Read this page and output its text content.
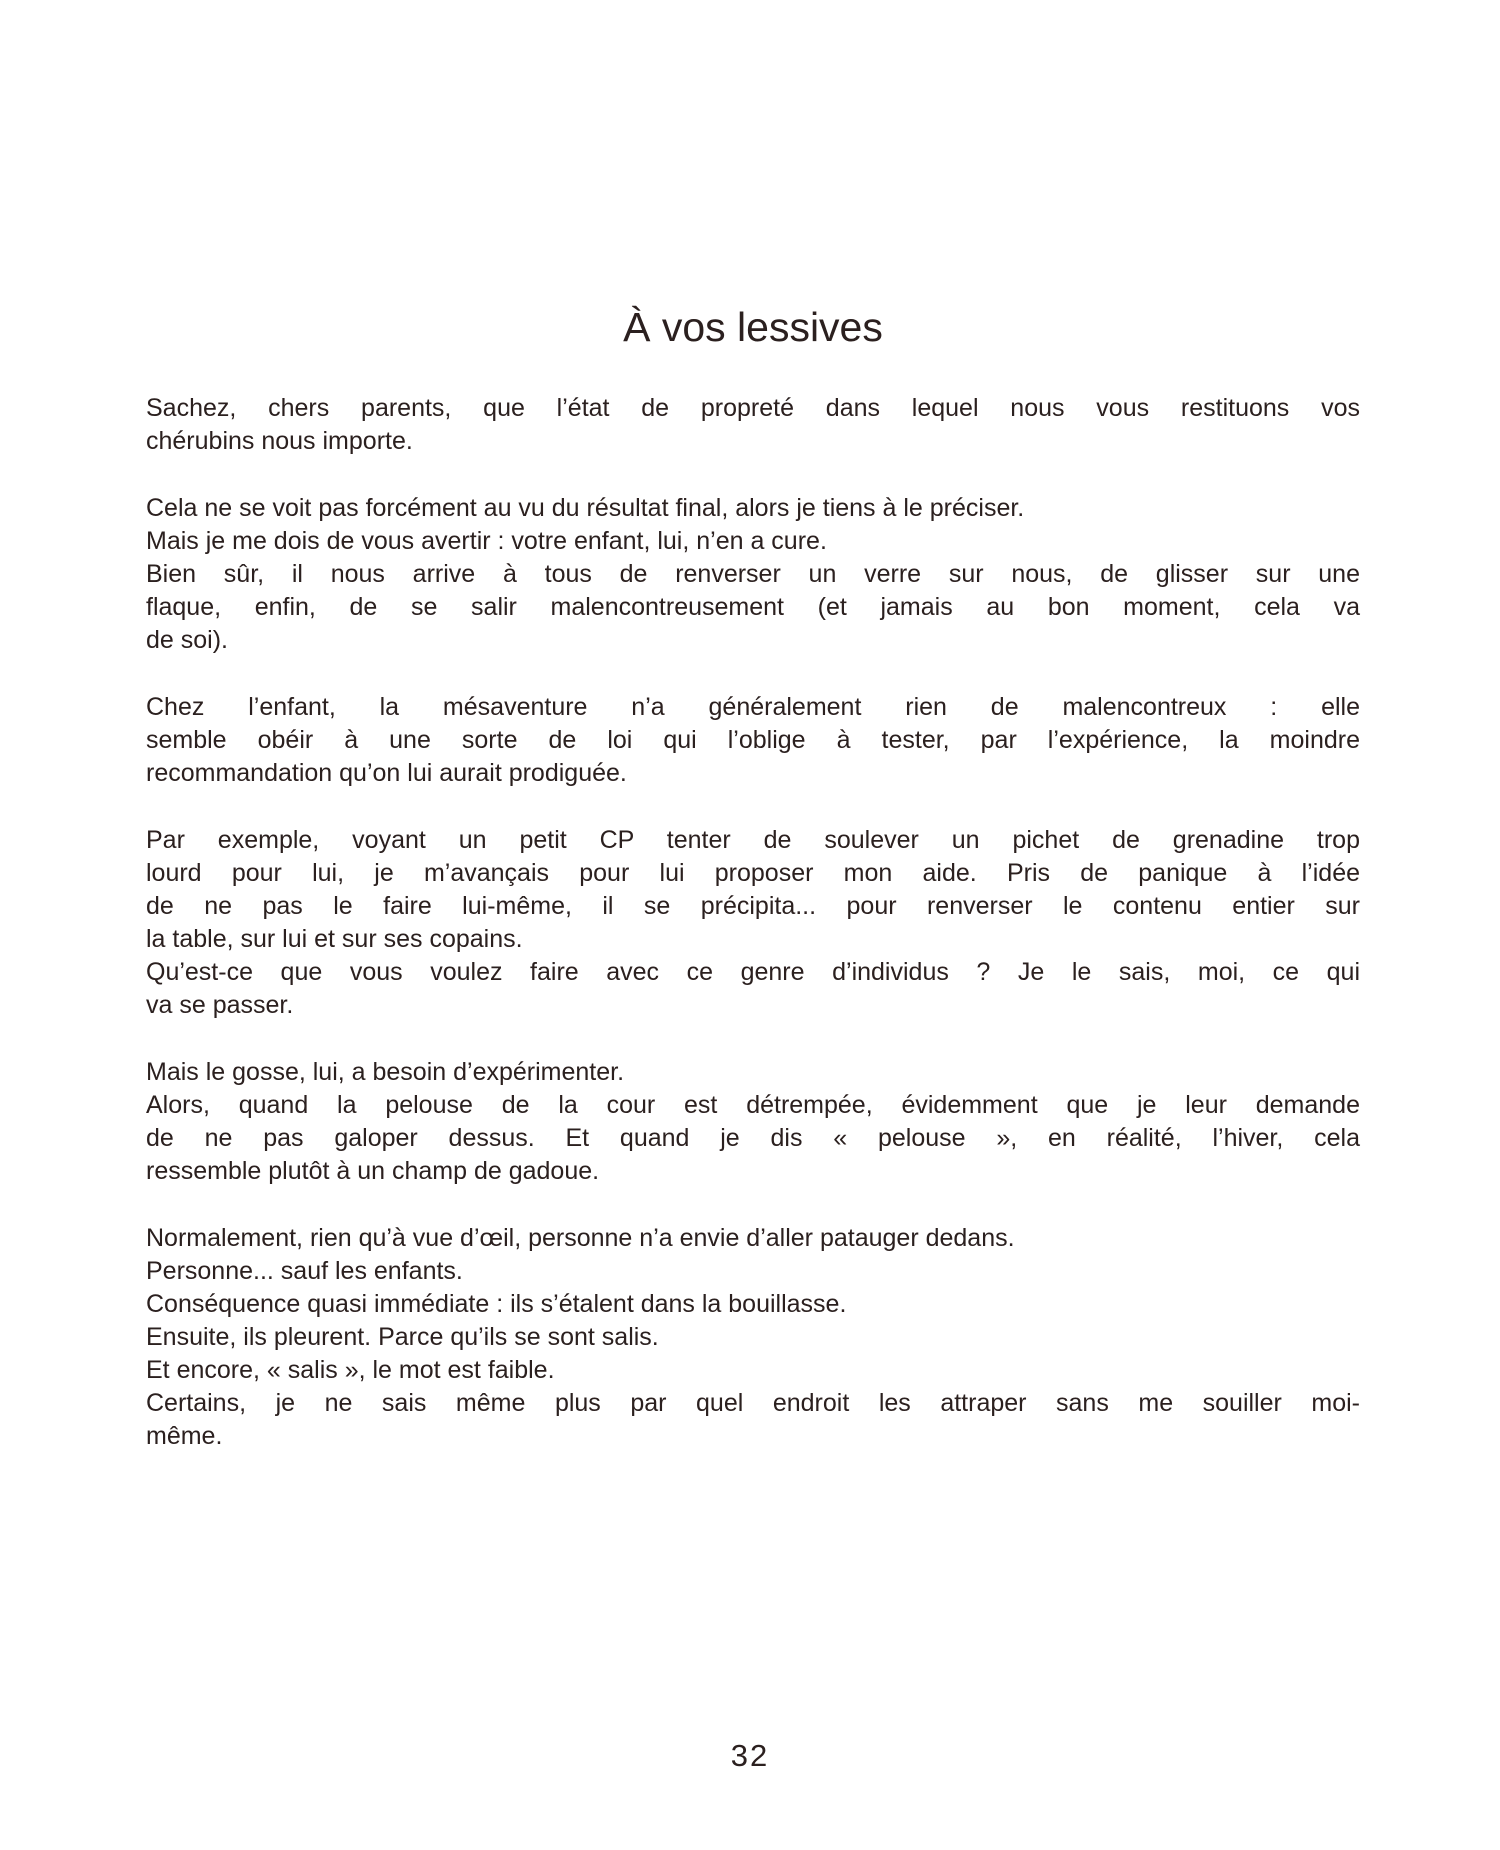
À vos lessives
Sachez, chers parents, que l’état de propreté dans lequel nous vous restituons vos
chérubins nous importe.
Cela ne se voit pas forcément au vu du résultat final, alors je tiens à le préciser.
Mais je me dois de vous avertir : votre enfant, lui, n’en a cure.
Bien sûr, il nous arrive à tous de renverser un verre sur nous, de glisser sur une
flaque, enfin, de se salir malencontreusement (et jamais au bon moment, cela va
de soi).
Chez l’enfant, la mésaventure n’a généralement rien de malencontreux : elle
semble obéir à une sorte de loi qui l’oblige à tester, par l’expérience, la moindre
recommandation qu’on lui aurait prodiguée.
Par exemple, voyant un petit CP tenter de soulever un pichet de grenadine trop
lourd pour lui, je m’avançais pour lui proposer mon aide. Pris de panique à l’idée
de ne pas le faire lui-même, il se précipita... pour renverser le contenu entier sur
la table, sur lui et sur ses copains.
Qu’est-ce que vous voulez faire avec ce genre d’individus ? Je le sais, moi, ce qui
va se passer.
Mais le gosse, lui, a besoin d’expérimenter.
Alors, quand la pelouse de la cour est détrempée, évidemment que je leur demande
de ne pas galoper dessus. Et quand je dis « pelouse », en réalité, l’hiver, cela
ressemble plutôt à un champ de gadoue.
Normalement, rien qu’à vue d’œil, personne n’a envie d’aller patauger dedans.
Personne... sauf les enfants.
Conséquence quasi immédiate : ils s’étalent dans la bouillasse.
Ensuite, ils pleurent. Parce qu’ils se sont salis.
Et encore, « salis », le mot est faible.
Certains, je ne sais même plus par quel endroit les attraper sans me souiller moi-
même.
32
